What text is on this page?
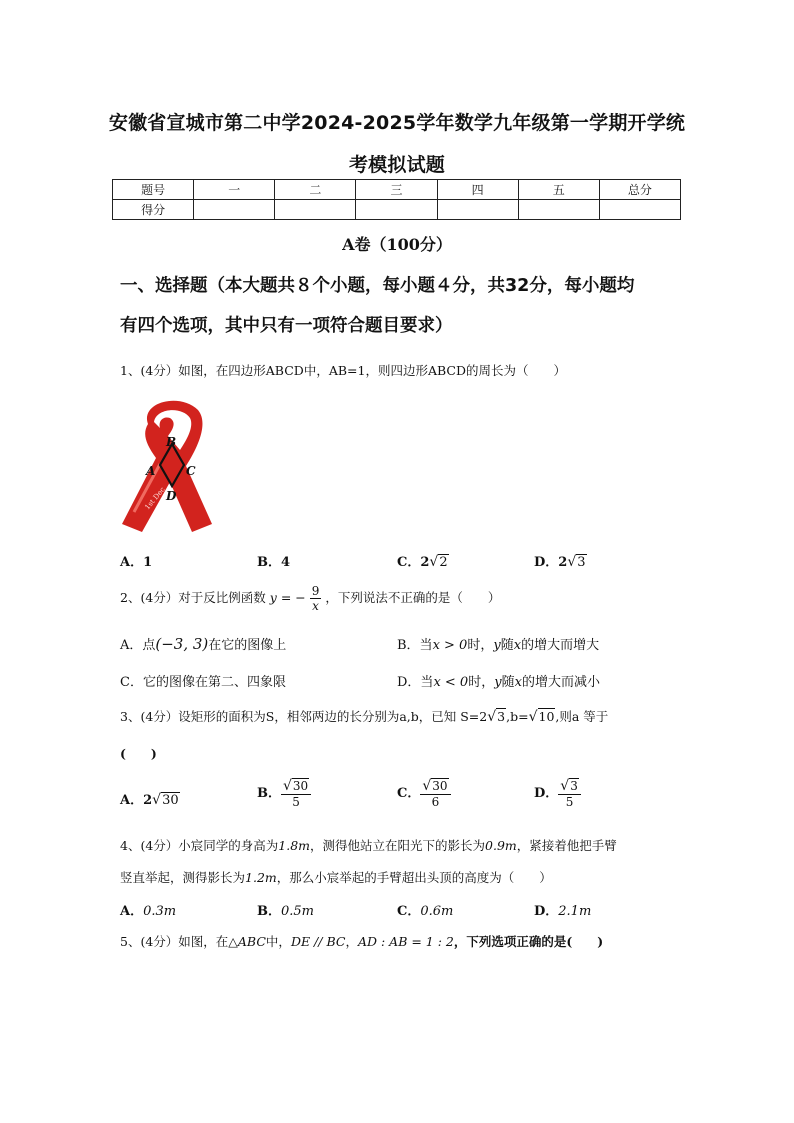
安徽省宣城市第二中学2024-2025学年数学九年级第一学期开学统
考模拟试题
题号	一	二	三	四	五	总分
得分						
A卷（100分）
一、选择题（本大题共８个小题，每小题４分，共32分，每小题均
有四个选项，其中只有一项符合题目要求）
1、(4分）如图，在四边形ABCD中，AB=1，则四边形ABCD的周长为（　　）
1st Dec
B
A	C
D
A．1	B．4	C．2√2	D．2√3
2、(4分）对于反比例函数 y = − $\frac{9}{x}$ ，下列说法不正确的是（　　）
A．点(−3, 3)在它的图像上	B．当x > 0时，y随x的增大而增大
C．它的图像在第二、四象限	D．当x < 0时，y随x的增大而减小
3、(4分）设矩形的面积为S，相邻两边的长分别为a,b，已知 S=2√3,b=√10,则a 等于
(　　)
A．2√30	B． $\frac{√30}{5}$	C． $\frac{√30}{6}$	D． $\frac{√3}{5}$
4、(4分）小宸同学的身高为1.8m，测得他站立在阳光下的影长为0.9m，紧接着他把手臂
竖直举起，测得影长为1.2m，那么小宸举起的手臂超出头顶的高度为（　　）
A．0.3m	B．0.5m	C．0.6m	D．2.1m
5、(4分）如图，在△ABC中，DE // BC，AD : AB = 1 : 2，下列选项正确的是(　　)
